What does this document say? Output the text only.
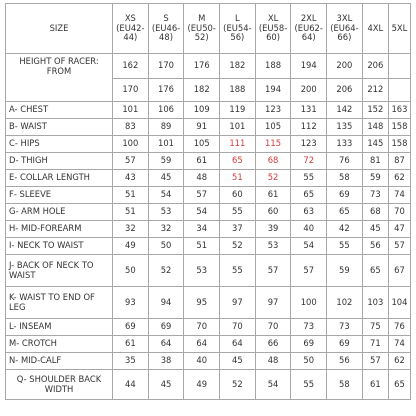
SIZE	XS (EU42-44)	S (EU46-48)	M (EU50-52)	L (EU54-56)	XL (EU58-60)	2XL (EU62-64)	3XL (EU64-66)	4XL	5XL
HEIGHT OF RACER: FROM	162	170	176	182	188	194	200	206	
	170	176	182	188	194	200	206	212	
A- CHEST	101	106	109	119	123	131	142	152	163
B- WAIST	83	89	91	101	105	112	135	148	158
C- HIPS	100	101	105	111	115	123	133	145	158
D- THIGH	57	59	61	65	68	72	76	81	87
E- COLLAR LENGTH	43	45	48	51	52	55	58	59	62
F- SLEEVE	51	54	57	60	61	65	69	73	74
G- ARM HOLE	51	53	54	55	60	63	65	68	70
H- MID-FOREARM	32	32	34	37	39	40	42	45	47
I- NECK TO WAIST	49	50	51	52	53	54	55	56	57
J- BACK OF NECK TO WAIST	50	52	53	55	57	57	59	65	67
K- WAIST TO END OF LEG	93	94	95	97	97	100	102	103	104
L- INSEAM	69	69	70	70	70	73	73	75	76
M- CROTCH	61	64	64	64	66	69	69	71	74
N- MID-CALF	35	38	40	45	48	50	56	57	62
Q- SHOULDER BACK WIDTH	44	45	49	52	54	55	58	61	65
